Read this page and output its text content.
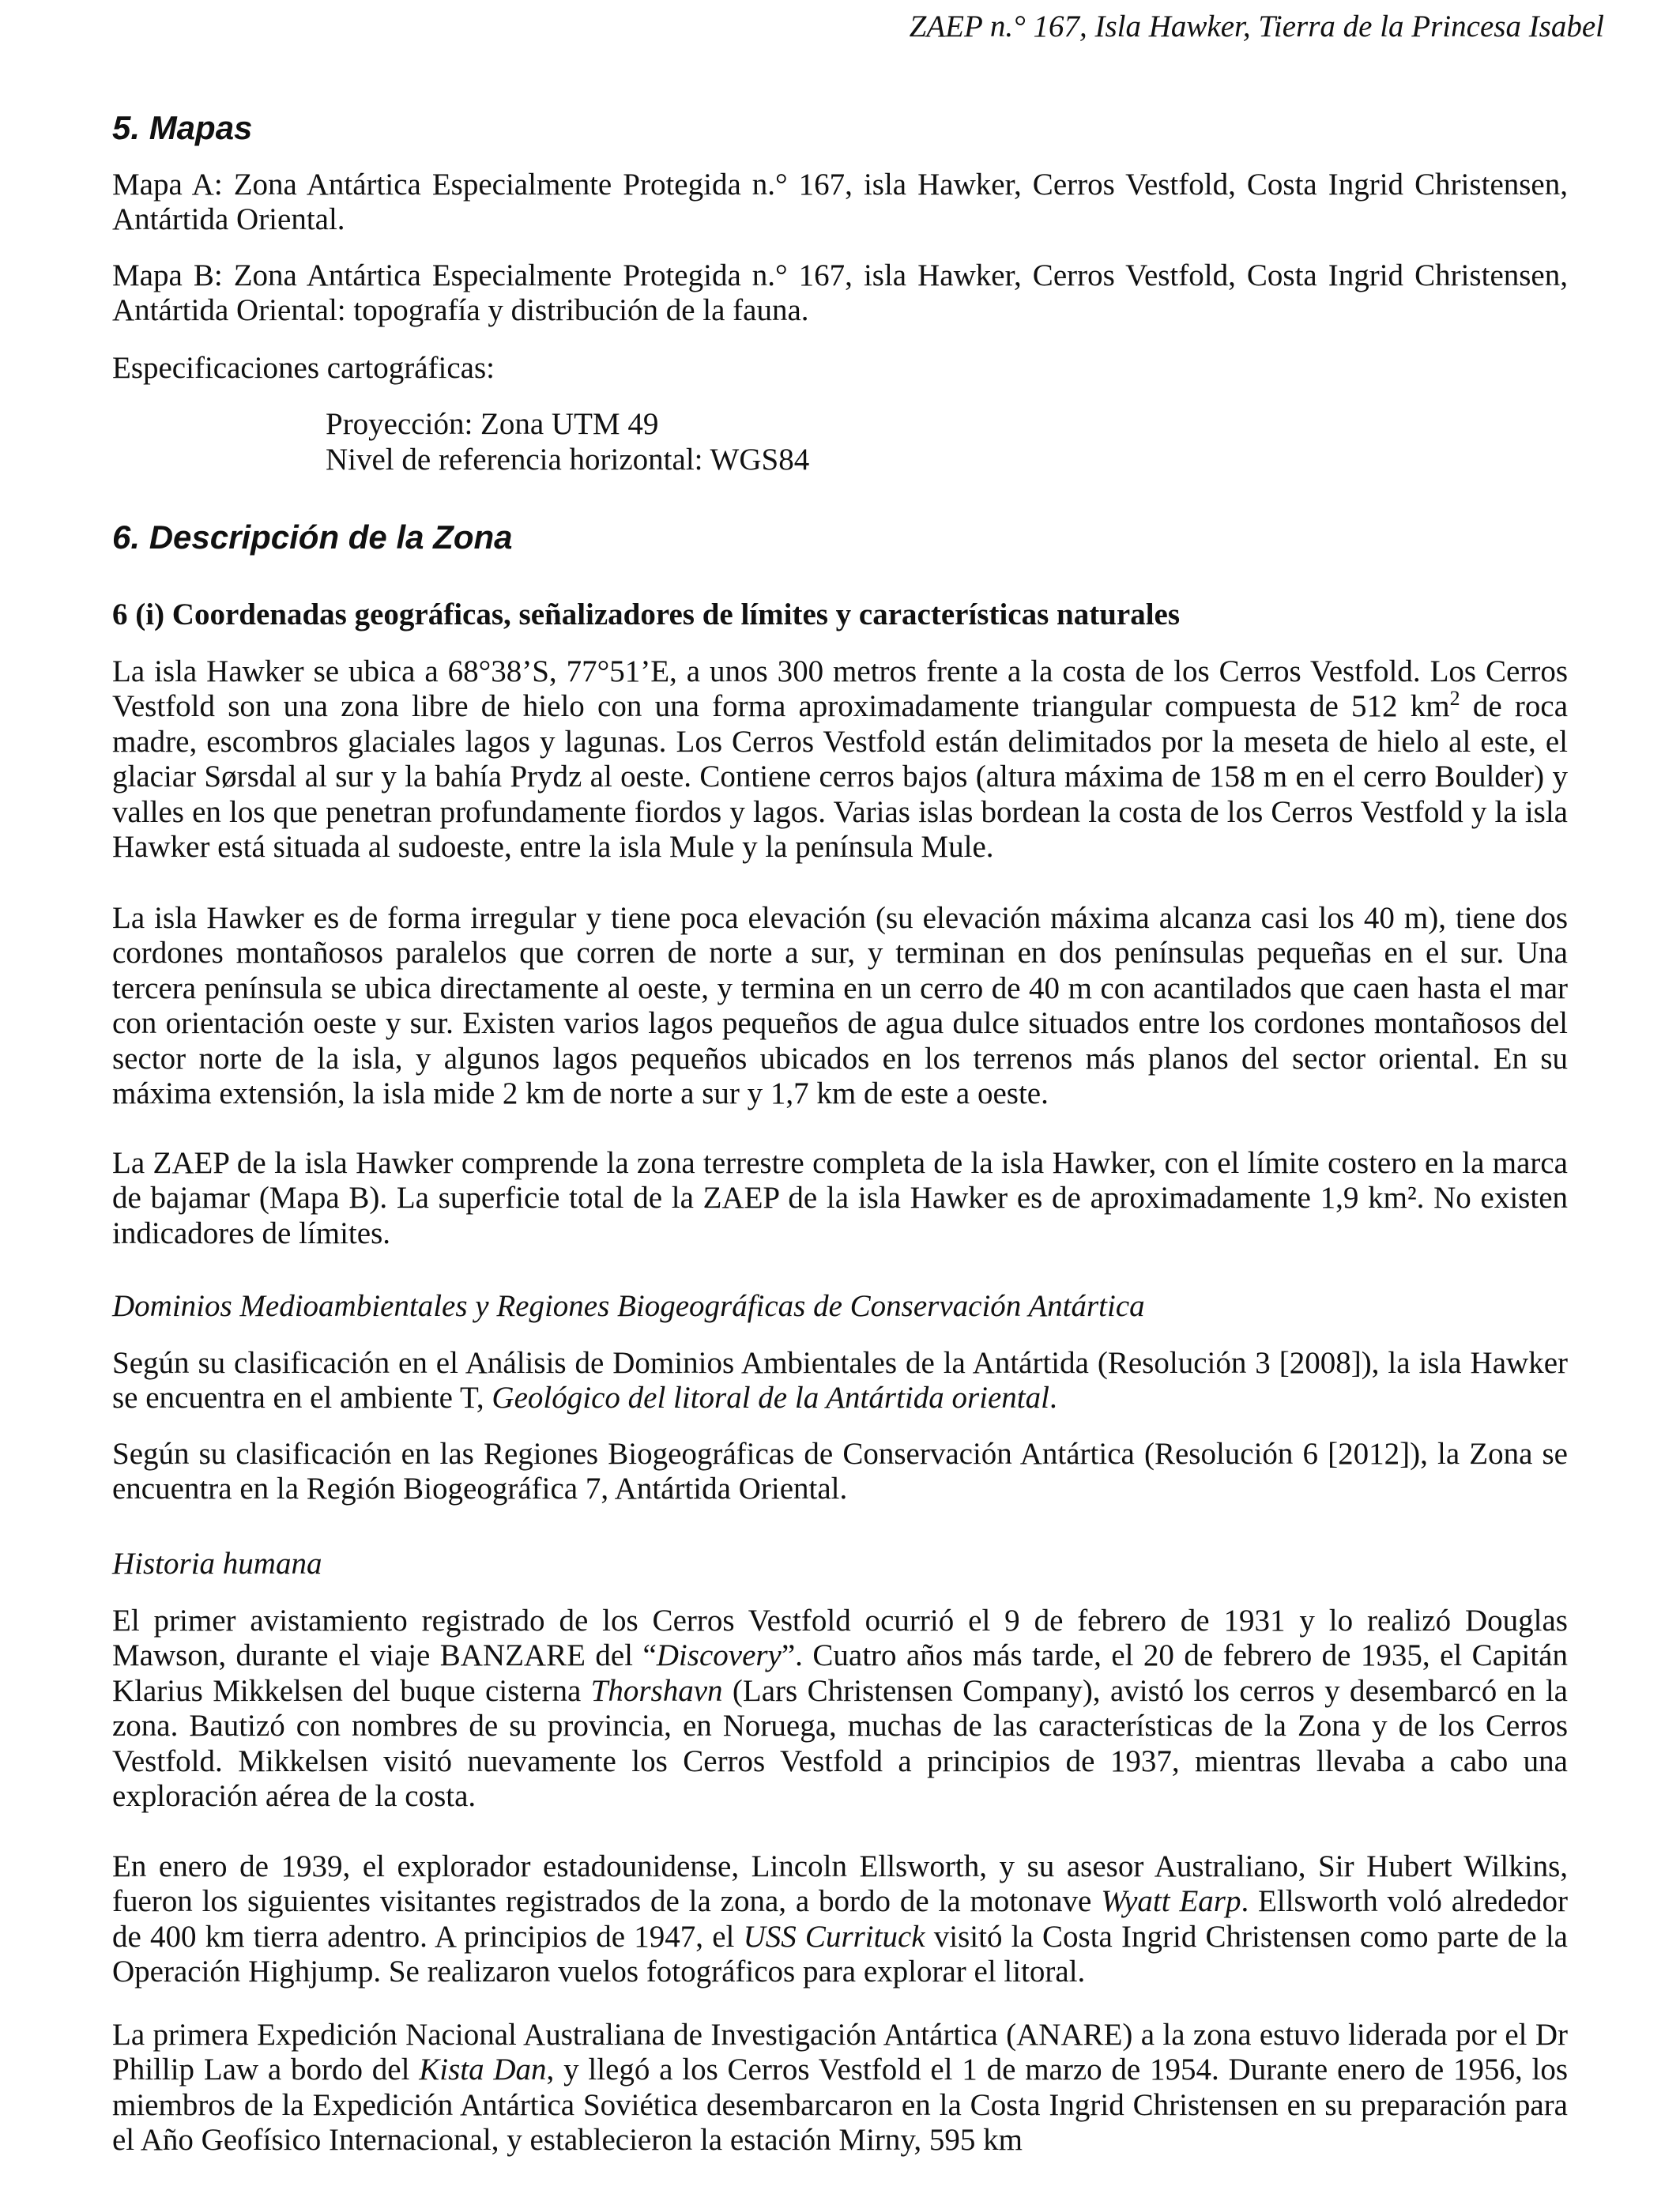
ZAEP n.° 167, Isla Hawker, Tierra de la Princesa Isabel
5. Mapas

Mapa A: Zona Antártica Especialmente Protegida n.° 167, isla Hawker, Cerros Vestfold, Costa Ingrid Christensen, Antártida Oriental.

Mapa B: Zona Antártica Especialmente Protegida n.° 167, isla Hawker, Cerros Vestfold, Costa Ingrid Christensen, Antártida Oriental: topografía y distribución de la fauna.

Especificaciones cartográficas:

Proyección: Zona UTM 49

Nivel de referencia horizontal: WGS84

6. Descripción de la Zona

6 (i) Coordenadas geográficas, señalizadores de límites y características naturales

La isla Hawker se ubica a 68°38’S, 77°51’E, a unos 300 metros frente a la costa de los Cerros Vestfold. Los Cerros Vestfold son una zona libre de hielo con una forma aproximadamente triangular compuesta de 512 $km^2$ de roca madre, escombros glaciales lagos y lagunas. Los Cerros Vestfold están delimitados por la meseta de hielo al este, el glaciar Sørsdal al sur y la bahía Prydz al oeste. Contiene cerros bajos (altura máxima de 158 m en el cerro Boulder) y valles en los que penetran profundamente fiordos y lagos. Varias islas bordean la costa de los Cerros Vestfold y la isla Hawker está situada al sudoeste, entre la isla Mule y la península Mule.

La isla Hawker es de forma irregular y tiene poca elevación (su elevación máxima alcanza casi los 40 m), tiene dos cordones montañosos paralelos que corren de norte a sur, y terminan en dos penínsulas pequeñas en el sur. Una tercera península se ubica directamente al oeste, y termina en un cerro de 40 m con acantilados que caen hasta el mar con orientación oeste y sur. Existen varios lagos pequeños de agua dulce situados entre los cordones montañosos del sector norte de la isla, y algunos lagos pequeños ubicados en los terrenos más planos del sector oriental. En su máxima extensión, la isla mide 2 km de norte a sur y 1,7 km de este a oeste.

La ZAEP de la isla Hawker comprende la zona terrestre completa de la isla Hawker, con el límite costero en la marca de bajamar (Mapa B). La superficie total de la ZAEP de la isla Hawker es de aproximadamente 1,9 km². No existen indicadores de límites.

Dominios Medioambientales y Regiones Biogeográficas de Conservación Antártica

Según su clasificación en el Análisis de Dominios Ambientales de la Antártida (Resolución 3 [2008]), la isla Hawker se encuentra en el ambiente T, Geológico del litoral de la Antártida oriental.

Según su clasificación en las Regiones Biogeográficas de Conservación Antártica (Resolución 6 [2012]), la Zona se encuentra en la Región Biogeográfica 7, Antártida Oriental.

Historia humana

El primer avistamiento registrado de los Cerros Vestfold ocurrió el 9 de febrero de 1931 y lo realizó Douglas Mawson, durante el viaje BANZARE del “Discovery”. Cuatro años más tarde, el 20 de febrero de 1935, el Capitán Klarius Mikkelsen del buque cisterna Thorshavn (Lars Christensen Company), avistó los cerros y desembarcó en la zona. Bautizó con nombres de su provincia, en Noruega, muchas de las características de la Zona y de los Cerros Vestfold. Mikkelsen visitó nuevamente los Cerros Vestfold a principios de 1937, mientras llevaba a cabo una exploración aérea de la costa.

En enero de 1939, el explorador estadounidense, Lincoln Ellsworth, y su asesor Australiano, Sir Hubert Wilkins, fueron los siguientes visitantes registrados de la zona, a bordo de la motonave Wyatt Earp. Ellsworth voló alrededor de 400 km tierra adentro. A principios de 1947, el USS Currituck visitó la Costa Ingrid Christensen como parte de la Operación Highjump. Se realizaron vuelos fotográficos para explorar el litoral.

La primera Expedición Nacional Australiana de Investigación Antártica (ANARE) a la zona estuvo liderada por el Dr Phillip Law a bordo del Kista Dan, y llegó a los Cerros Vestfold el 1 de marzo de 1954. Durante enero de 1956, los miembros de la Expedición Antártica Soviética desembarcaron en la Costa Ingrid Christensen en su preparación para el Año Geofísico Internacional, y establecieron la estación Mirny, 595 km
